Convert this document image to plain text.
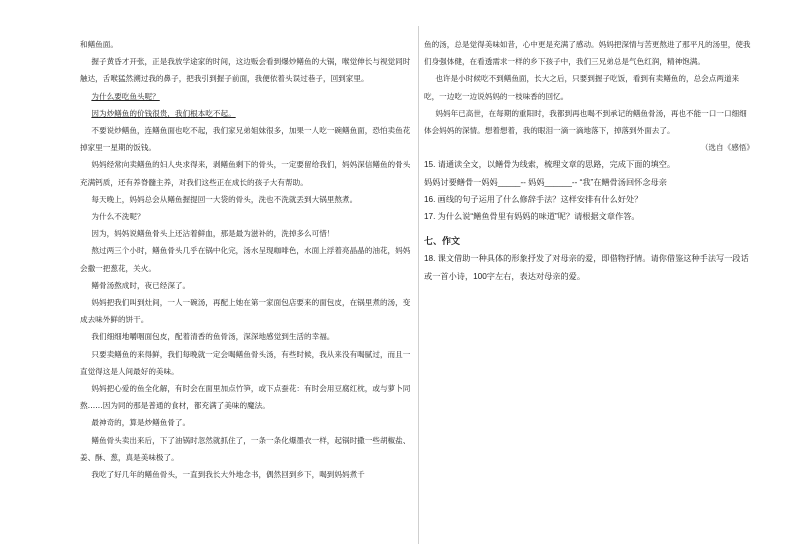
和鳝鱼面。

握子黄昏才开张，正是我放学途家的时间，这边贩会看到爆炒鳝鱼的大锅，喉觉伸长与视觉同时触达，舌喉猛然溯过我的鼻子，把我引到握子前面，我便依着头误过巷子，回到家里。

为什么要吃鱼头呢？

因为炒鳝鱼的价钱很贵，我们根本吃不起。

不要说炒鳝鱼，连鳝鱼面也吃不起，我们家兄弟姐妹很多，加果一人吃一碗鳝鱼面，恐怕卖鱼花掉家里一星期的饭钱。

妈妈经常向卖鳝鱼的妇人央求得来，剥鳝鱼剩下的骨头，一定要留给我们，妈妈深信鳝鱼的骨头充满钙质，还有养脊髓主养，对我们这些正在成长的孩子大有帮助。

每天晚上，妈妈总会从鳝鱼握提回一大袋的骨头，洗也不洗就丢到大锅里熬煮。

为什么不洗呢？

因为，妈妈说鳝鱼骨头上还沾着鲜血，那是最为滋补的，洗掉多么可惜！

熬过两三个小时，鳝鱼骨头几乎在锅中化完，汤水呈现咖啡色，水面上浮着亮晶晶的油花，妈妈会撒一把葱花，关火。

鳝骨汤熬成时，夜已经深了。

妈妈把我们叫到灶间，一人一碗汤，再配上她在第一家面包店要来的面包皮，在锅里煮的汤，变成去味外鲜的饼干。

我们细细地嚼咽面包皮，配着清香的鱼骨汤，深深地感觉到生活的幸福。

只要卖鳝鱼的来得鲜，我们每晚就一定会喝鳝鱼骨头汤，有些时候，我从来没有喝腻过，而且一直觉得这是人间最好的美味。

妈妈把心爱的鱼全化解，有时会在面里加点竹笋，或下点蚕花：有时会用豆腐红枕，或与萝卜同熬……因为同的那是普通的食材，都充满了美味的魔法。

最神奇的，算是炒鳝鱼骨了。

鳝鱼骨头卖出来后，下了油锅时忽然就抓住了，一条一条化爆墨衣一样，起锅时撒一些胡椒盐、姜、酥、葱，真是美味极了。

我吃了好几年的鳝鱼骨头，一直到我长大外地念书，偶然回到乡下，喝到妈妈煮千

鱼的汤，总是觉得美味如昔，心中更是充满了感动。妈妈把深情与苦更熬进了那平凡的汤里，使我们身强体健，在看透需求一样的乡下孩子中，我们三兄弟总是气色红润，精神饱满。

也许是小时候吃不到鳝鱼面，长大之后，只要到握子吃饭，看到有卖鳝鱼的，总会点两道来吃，一边吃一边说妈妈的一枝味香的回忆。

妈妈年已高世，在每期的重阳时，我都到再也喝不到承记的鳝鱼骨汤，再也不能一口一口细细体会妈妈的深情。想着想着，我的眼泪一滴一滴地落下，掉落到外面去了。

（选自《感悟》

15. 请通读全文，以鳝骨为线索，梳理文章的思路，完成下面的填空。

妈妈讨要鳝骨一妈妈_____-- 妈妈______-- “我”在鳝骨汤回怀念母亲

16. 画线的句子运用了什么修辞手法？这样安排有什么好处？

17. 为什么说“鳝鱼骨里有妈妈的味道”呢？请根据文章作答。

七、作文

18. 课文借助一种具体的形象抒发了对母亲的爱，即借物抒情。请你借鉴这种手法写一段话或一首小诗，100字左右，表达对母亲的爱。
